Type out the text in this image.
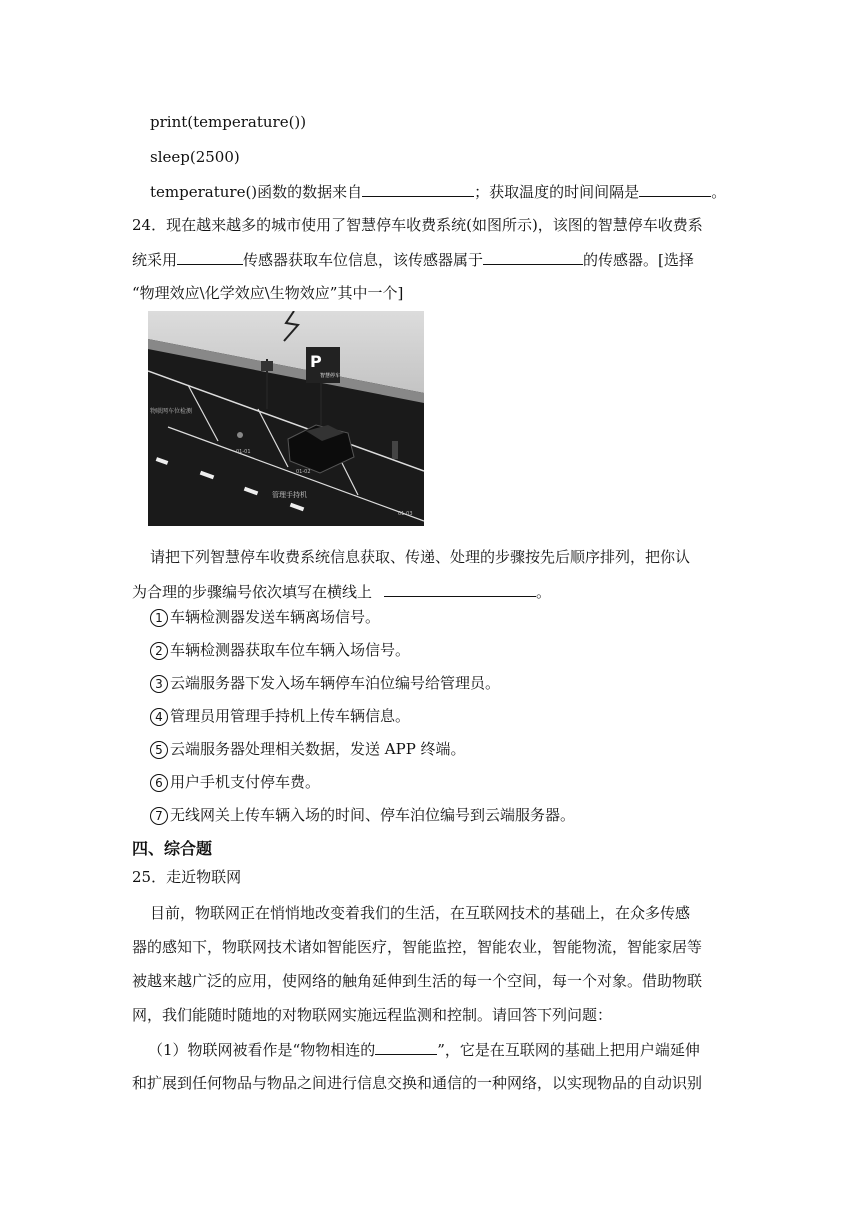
print(temperature())
sleep(2500)
temperature()函数的数据来自	；获取温度的时间间隔是	。
24．现在越来越多的城市使用了智慧停车收费系统(如图所示)，该图的智慧停车收费系
统采用	传感器获取车位信息，该传感器属于	的传感器。[选择
“物理效应\化学效应\生物效应”其中一个]
P
智慧停车
物联网车位检测
01-01
01-02
管理手持机
01-03
请把下列智慧停车收费系统信息获取、传递、处理的步骤按先后顺序排列，把你认
为合理的步骤编号依次填写在横线上	。
1 车辆检测器发送车辆离场信号。
2 车辆检测器获取车位车辆入场信号。
3 云端服务器下发入场车辆停车泊位编号给管理员。
4 管理员用管理手持机上传车辆信息。
5 云端服务器处理相关数据，发送 APP 终端。
6 用户手机支付停车费。
7 无线网关上传车辆入场的时间、停车泊位编号到云端服务器。
四、综合题
25．走近物联网
目前，物联网正在悄悄地改变着我们的生活，在互联网技术的基础上，在众多传感
器的感知下，物联网技术诸如智能医疗，智能监控，智能农业，智能物流，智能家居等
被越来越广泛的应用，使网络的触角延伸到生活的每一个空间，每一个对象。借助物联
网，我们能随时随地的对物联网实施远程监测和控制。请回答下列问题：
（1）物联网被看作是“物物相连的	”，它是在互联网的基础上把用户端延伸
和扩展到任何物品与物品之间进行信息交换和通信的一种网络，以实现物品的自动识别
